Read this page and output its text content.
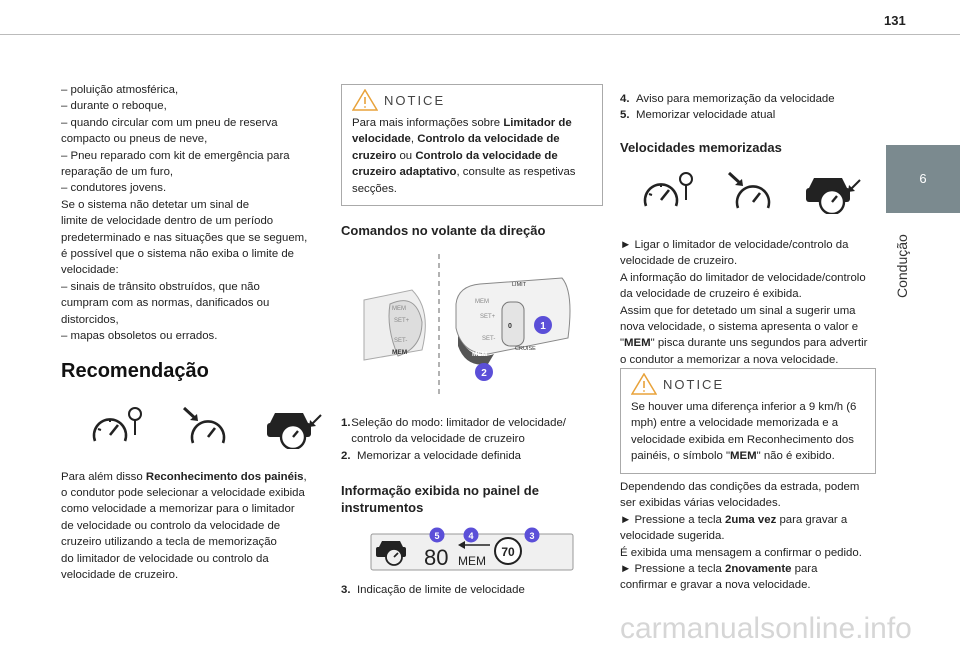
131
6
Condução
– poluição atmosférica,
– durante o reboque,
– quando circular com um pneu de reserva
compacto ou pneus de neve,
– Pneu reparado com kit de emergência para
reparação de um furo,
– condutores jovens.
Se o sistema não detetar um sinal de
limite de velocidade dentro de um período
predeterminado e nas situações que se seguem,
é possível que o sistema não exiba o limite de
velocidade:
– sinais de trânsito obstruídos, que não
cumpram com as normas, danificados ou
distorcidos,
– mapas obsoletos ou errados.
Recomendação
Para além disso Reconhecimento dos painéis,
o condutor pode selecionar a velocidade exibida
como velocidade a memorizar para o limitador
de velocidade ou controlo da velocidade de
cruzeiro utilizando a tecla de memorização
do limitador de velocidade ou controlo da
velocidade de cruzeiro.
NOTICE
Para mais informações sobre Limitador de velocidade, Controlo da velocidade de cruzeiro ou Controlo da velocidade de cruzeiro adaptativo, consulte as respetivas secções.
Comandos no volante da direção
MEM
SET+
SET-
MEM
MEM
SET+
SET-
LIMIT
0
CRUISE
MEM
1
2
1. Seleção do modo: limitador de velocidade/ controlo da velocidade de cruzeiro
2. Memorizar a velocidade definida
Informação exibida no painel de instrumentos
80 MEM
70
5	4	3
3. Indicação de limite de velocidade
4. Aviso para memorização da velocidade
5. Memorizar velocidade atual
Velocidades memorizadas
► Ligar o limitador de velocidade/controlo da
velocidade de cruzeiro.
A informação do limitador de velocidade/controlo
da velocidade de cruzeiro é exibida.
Assim que for detetado um sinal a sugerir uma
nova velocidade, o sistema apresenta o valor e
"MEM" pisca durante uns segundos para advertir
o condutor a memorizar a nova velocidade.
NOTICE
Se houver uma diferença inferior a 9 km/h (6
mph) entre a velocidade memorizada e a
velocidade exibida em Reconhecimento dos
painéis, o símbolo "MEM" não é exibido.
Dependendo das condições da estrada, podem
ser exibidas várias velocidades.
► Pressione a tecla 2uma vez para gravar a
velocidade sugerida.
É exibida uma mensagem a confirmar o pedido.
► Pressione a tecla 2novamente para
confirmar e gravar a nova velocidade.
carmanualsonline.info
